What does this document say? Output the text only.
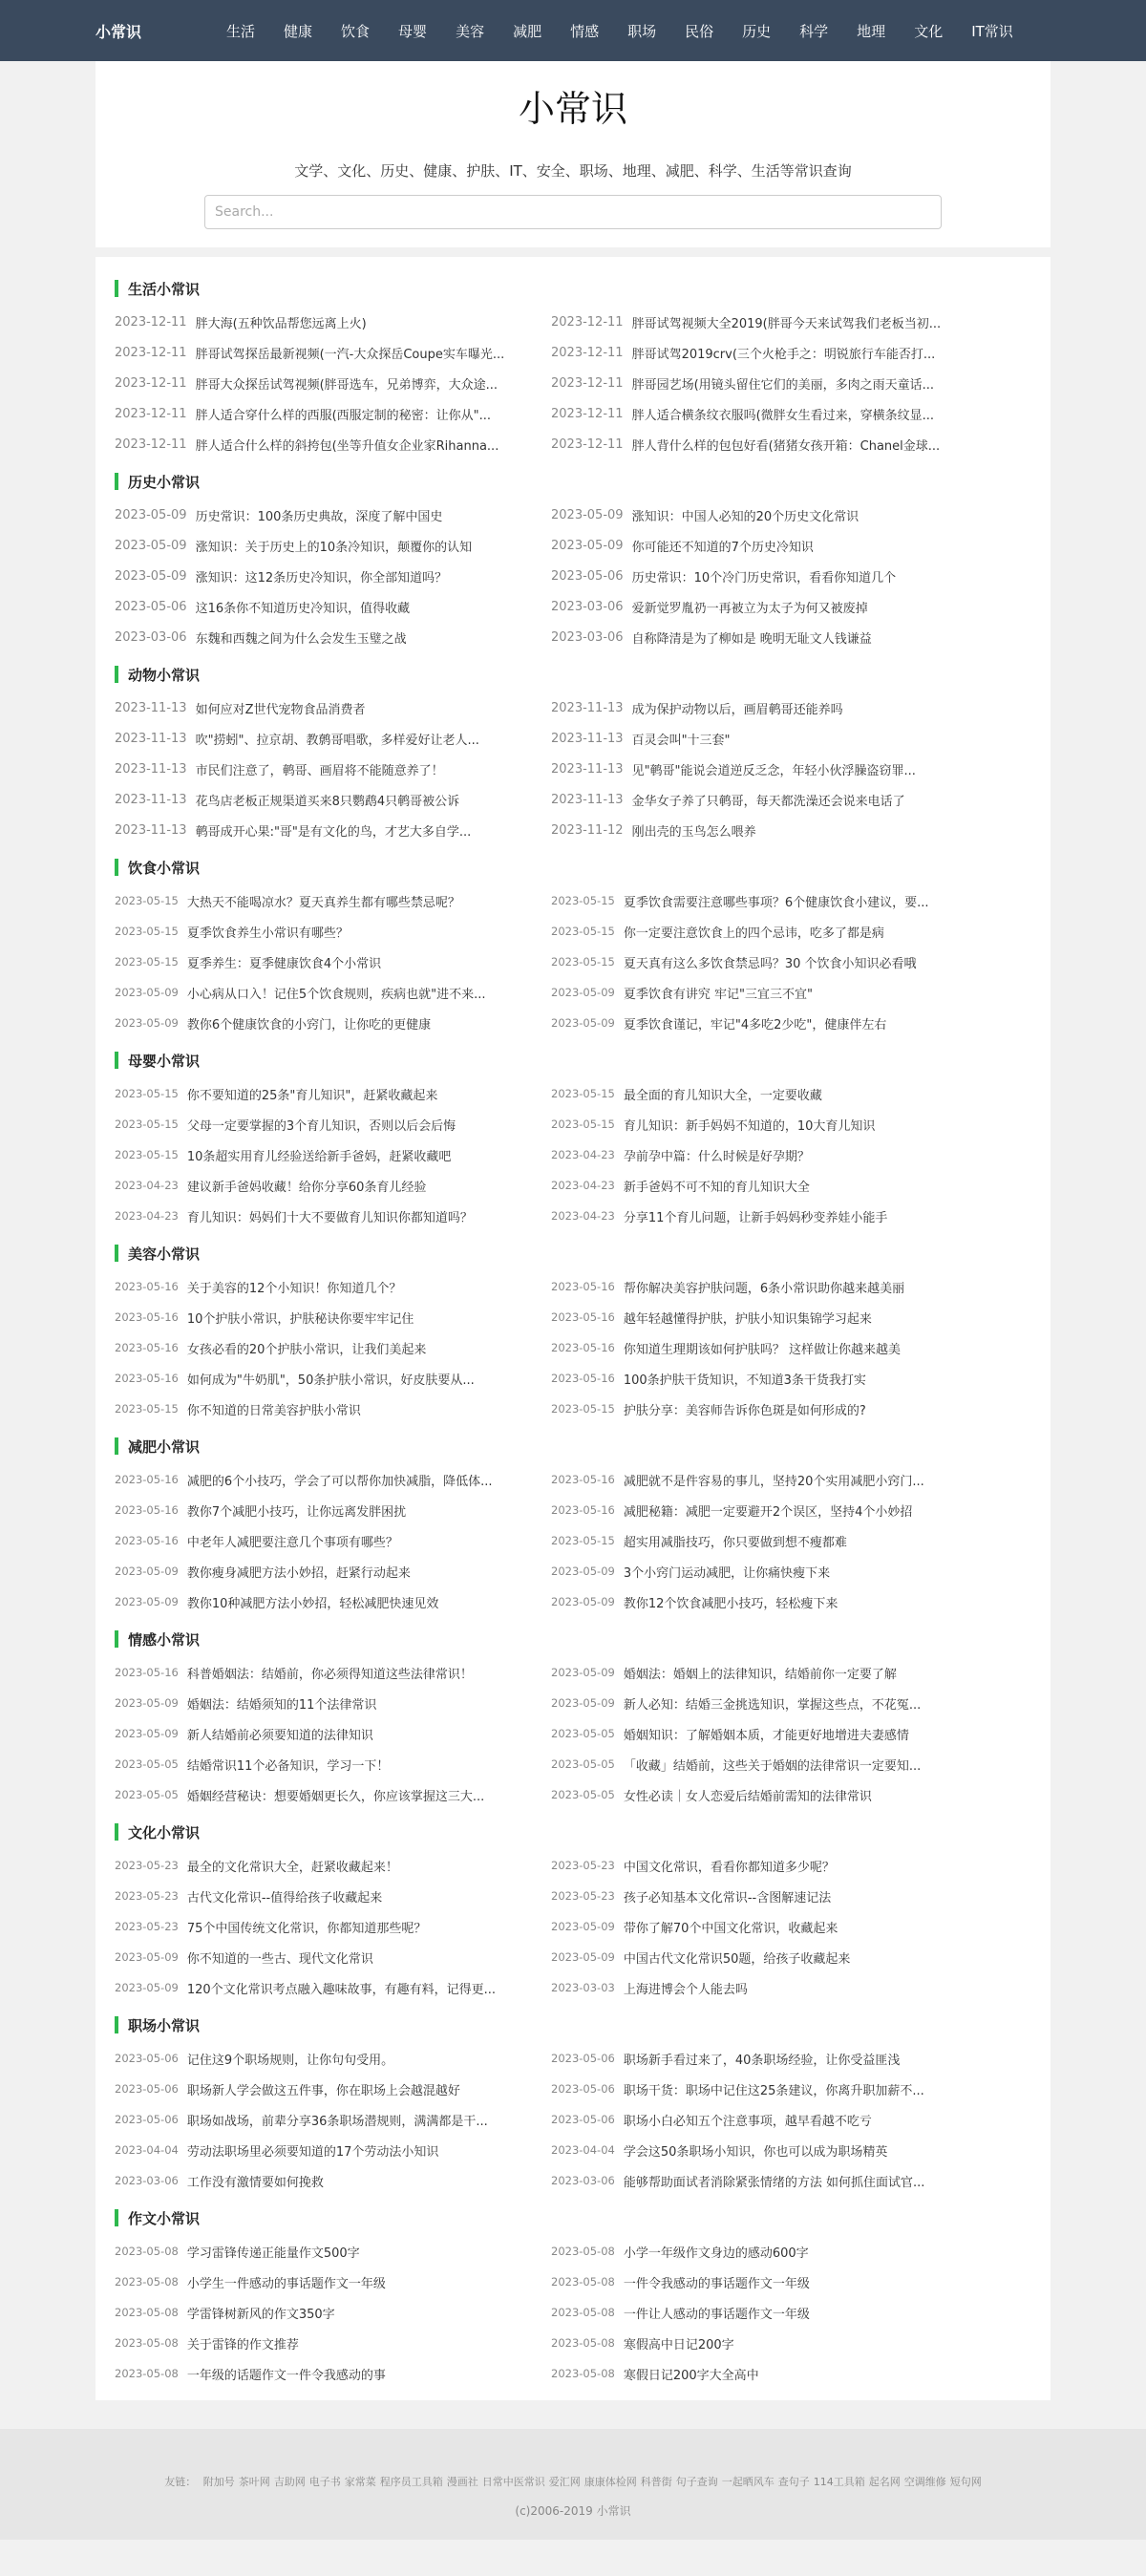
小常识	生活	健康	饮食	母婴	美容	减肥	情感	职场	民俗	历史	科学	地理	文化	IT常识
小常识
文学、文化、历史、健康、护肤、IT、安全、职场、地理、减肥、科学、生活等常识查询
Search...
生活小常识
2023-12-11 胖大海(五种饮品帮您远离上火)	2023-12-11 胖哥试驾视频大全2019(胖哥今天来试驾我们老板当初...
2023-12-11 胖哥试驾探岳最新视频(一汽-大众探岳Coupe实车曝光...	2023-12-11 胖哥试驾2019crv(三个火枪手之：明锐旅行车能否打...
2023-12-11 胖哥大众探岳试驾视频(胖哥选车，兄弟博弈，大众途...	2023-12-11 胖哥园艺场(用镜头留住它们的美丽，多肉之雨天童话...
2023-12-11 胖人适合穿什么样的西服(西服定制的秘密：让你从"...	2023-12-11 胖人适合横条纹衣服吗(微胖女生看过来，穿横条纹显...
2023-12-11 胖人适合什么样的斜挎包(坐等升值女企业家Rihanna...	2023-12-11 胖人背什么样的包包好看(猪猪女孩开箱：Chanel金球...
历史小常识
2023-05-09 历史常识：100条历史典故，深度了解中国史	2023-05-09 涨知识：中国人必知的20个历史文化常识
2023-05-09 涨知识：关于历史上的10条冷知识，颠覆你的认知	2023-05-09 你可能还不知道的7个历史冷知识
2023-05-09 涨知识：这12条历史冷知识，你全部知道吗？	2023-05-06 历史常识：10个冷门历史常识，看看你知道几个
2023-05-06 这16条你不知道历史冷知识，值得收藏	2023-03-06 爱新觉罗胤礽一再被立为太子为何又被废掉
2023-03-06 东魏和西魏之间为什么会发生玉璧之战	2023-03-06 自称降清是为了柳如是 晚明无耻文人钱谦益
动物小常识
2023-11-13 如何应对Z世代宠物食品消费者	2023-11-13 成为保护动物以后，画眉鹌哥还能养吗
2023-11-13 吹"捞蚓"、拉京胡、教鹩哥唱歌，多样爱好让老人...	2023-11-13 百灵会叫"十三套"
2023-11-13 市民们注意了，鹌哥、画眉将不能随意养了！	2023-11-13 见"鹌哥"能说会道逆反乏念，年轻小伙浮臊盗窃罪...
2023-11-13 花鸟店老板正规渠道买来8只鹦鹉4只鹌哥被公诉	2023-11-13 金华女子养了只鹌哥，每天都洗澡还会说来电话了
2023-11-13 鹌哥成开心果:"哥"是有文化的鸟，才艺大多自学...	2023-11-12 刚出壳的玉鸟怎么喂养
饮食小常识
2023-05-15 大热天不能喝凉水？夏天真养生都有哪些禁忌呢？	2023-05-15 夏季饮食需要注意哪些事项？6个健康饮食小建议，要...
2023-05-15 夏季饮食养生小常识有哪些？	2023-05-15 你一定要注意饮食上的四个忌讳，吃多了都是病
2023-05-15 夏季养生：夏季健康饮食4个小常识	2023-05-15 夏天真有这么多饮食禁忌吗？30 个饮食小知识必看哦
2023-05-09 小心病从口入！记住5个饮食规则，疾病也就"进不来...	2023-05-09 夏季饮食有讲究 牢记"三宜三不宜"
2023-05-09 教你6个健康饮食的小窍门，让你吃的更健康	2023-05-09 夏季饮食谨记，牢记"4多吃2少吃"，健康伴左右
母婴小常识
2023-05-15 你不要知道的25条"育儿知识"，赶紧收藏起来	2023-05-15 最全面的育儿知识大全，一定要收藏
2023-05-15 父母一定要掌握的3个育儿知识，否则以后会后悔	2023-05-15 育儿知识：新手妈妈不知道的，10大育儿知识
2023-05-15 10条超实用育儿经验送给新手爸妈，赶紧收藏吧	2023-04-23 孕前孕中篇：什么时候是好孕期？
2023-04-23 建议新手爸妈收藏！给你分享60条育儿经验	2023-04-23 新手爸妈不可不知的育儿知识大全
2023-04-23 育儿知识：妈妈们十大不要做育儿知识你都知道吗？	2023-04-23 分享11个育儿问题，让新手妈妈秒变养娃小能手
美容小常识
2023-05-16 关于美容的12个小知识！你知道几个？	2023-05-16 帮你解决美容护肤问题，6条小常识助你越来越美丽
2023-05-16 10个护肤小常识，护肤秘诀你要牢牢记住	2023-05-16 越年轻越懂得护肤，护肤小知识集锦学习起来
2023-05-16 女孩必看的20个护肤小常识，让我们美起来	2023-05-16 你知道生理期该如何护肤吗？ 这样做让你越来越美
2023-05-16 如何成为"牛奶肌"，50条护肤小常识，好皮肤要从...	2023-05-16 100条护肤干货知识，不知道3条干货我打实
2023-05-15 你不知道的日常美容护肤小常识	2023-05-15 护肤分享：美容师告诉你色斑是如何形成的?
减肥小常识
2023-05-16 减肥的6个小技巧，学会了可以帮你加快减脂，降低体...	2023-05-16 减肥就不是件容易的事儿，坚持20个实用减肥小窍门...
2023-05-16 教你7个减肥小技巧，让你远离发胖困扰	2023-05-16 减肥秘籍：减肥一定要避开2个误区，坚持4个小妙招
2023-05-16 中老年人减肥要注意几个事项有哪些？	2023-05-15 超实用减脂技巧，你只要做到想不瘦都难
2023-05-09 教你瘦身减肥方法小妙招，赶紧行动起来	2023-05-09 3个小窍门运动减肥，让你痛快瘦下来
2023-05-09 教你10种减肥方法小妙招，轻松减肥快速见效	2023-05-09 教你12个饮食减肥小技巧，轻松瘦下来
情感小常识
2023-05-16 科普婚姻法：结婚前，你必须得知道这些法律常识！	2023-05-09 婚姻法：婚姻上的法律知识，结婚前你一定要了解
2023-05-09 婚姻法：结婚须知的11个法律常识	2023-05-09 新人必知：结婚三金挑选知识，掌握这些点，不花冤...
2023-05-09 新人结婚前必须要知道的法律知识	2023-05-05 婚姻知识：了解婚姻本质，才能更好地增进夫妻感情
2023-05-05 结婚常识11个必备知识，学习一下！	2023-05-05 「收藏」结婚前，这些关于婚姻的法律常识一定要知...
2023-05-05 婚姻经营秘诀：想要婚姻更长久，你应该掌握这三大...	2023-05-05 女性必读｜女人恋爱后结婚前需知的法律常识
文化小常识
2023-05-23 最全的文化常识大全，赶紧收藏起来！	2023-05-23 中国文化常识，看看你都知道多少呢？
2023-05-23 古代文化常识--值得给孩子收藏起来	2023-05-23 孩子必知基本文化常识--含图解速记法
2023-05-23 75个中国传统文化常识，你都知道那些呢？	2023-05-09 带你了解70个中国文化常识，收藏起来
2023-05-09 你不知道的一些古、现代文化常识	2023-05-09 中国古代文化常识50题，给孩子收藏起来
2023-05-09 120个文化常识考点融入趣味故事，有趣有料，记得更...	2023-03-03 上海进博会个人能去吗
职场小常识
2023-05-06 记住这9个职场规则，让你句句受用。	2023-05-06 职场新手看过来了，40条职场经验，让你受益匪浅
2023-05-06 职场新人学会做这五件事，你在职场上会越混越好	2023-05-06 职场干货：职场中记住这25条建议，你离升职加薪不...
2023-05-06 职场如战场，前辈分享36条职场潜规则，满满都是干...	2023-05-06 职场小白必知五个注意事项，越早看越不吃亏
2023-04-04 劳动法职场里必须要知道的17个劳动法小知识	2023-04-04 学会这50条职场小知识，你也可以成为职场精英
2023-03-06 工作没有激情要如何挽救	2023-03-06 能够帮助面试者消除紧张情绪的方法 如何抓住面试官...
作文小常识
2023-05-08 学习雷锋传递正能量作文500字	2023-05-08 小学一年级作文身边的感动600字
2023-05-08 小学生一件感动的事话题作文一年级	2023-05-08 一件令我感动的事话题作文一年级
2023-05-08 学雷锋树新风的作文350字	2023-05-08 一件让人感动的事话题作文一年级
2023-05-08 关于雷锋的作文推荐	2023-05-08 寒假高中日记200字
2023-05-08 一年级的话题作文一件令我感动的事	2023-05-08 寒假日记200字大全高中
友链： 附加号 茶叶网 吉助网 电子书 家常菜 程序员工具箱 漫画社 日常中医常识 爱汇网 康康体检网 科普街 句子查询 一起晒风车 查句子 114工具箱 起名网 空调维修 短句网
(c)2006-2019 小常识
